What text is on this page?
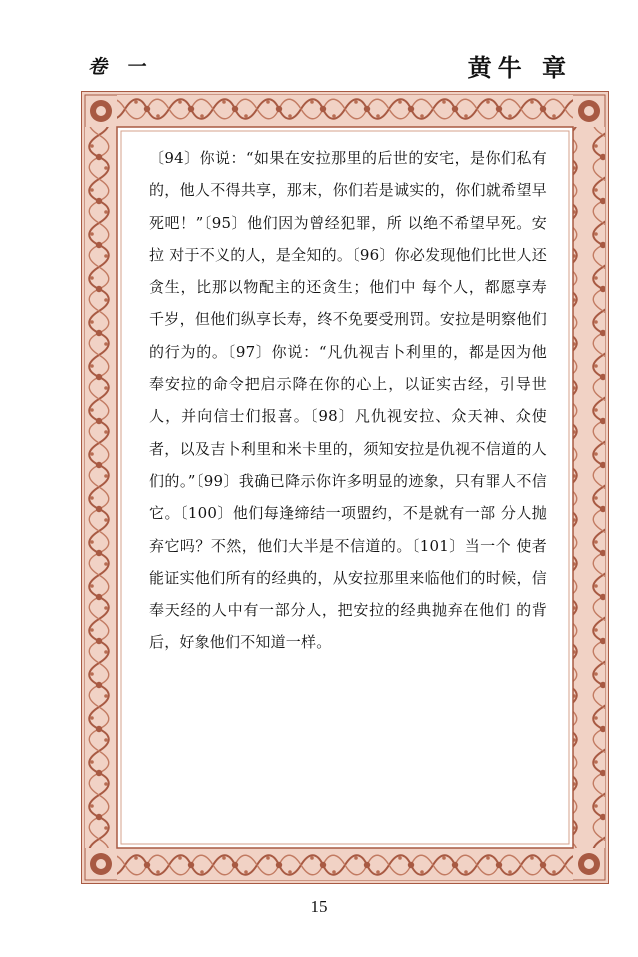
卷 一	黄牛 章

〔94〕你说：“如果在安拉那里的后世的安宅，是你们私有的，他人不得共享，那末，你们若是诚实的，你们就希望早死吧！”〔95〕他们因为曾经犯罪，所 以绝不希望早死。安拉 对于不义的人，是全知的。〔96〕你必发现他们比世人还贪生，比那以物配主的还贪生；他们中 每个人，都愿享寿千岁，但他们纵享长寿，终不免要受刑罚。安拉是明察他们的行为的。〔97〕你说：“凡仇视吉卜利里的，都是因为他奉安拉的命令把启示降在你的心上，以证实古经，引导世人，并向信士们报喜。〔98〕凡仇视安拉、众天神、众使者，以及吉卜利里和米卡里的，须知安拉是仇视不信道的人们的。”〔99〕我确已降示你许多明显的迹象，只有罪人不信它。〔100〕他们每逢缔结一项盟约，不是就有一部 分人抛弃它吗？不然，他们大半是不信道的。〔101〕当一个 使者能证实他们所有的经典的，从安拉那里来临他们的时候，信奉天经的人中有一部分人，把安拉的经典抛弃在他们 的背后，好象他们不知道一样。

15
